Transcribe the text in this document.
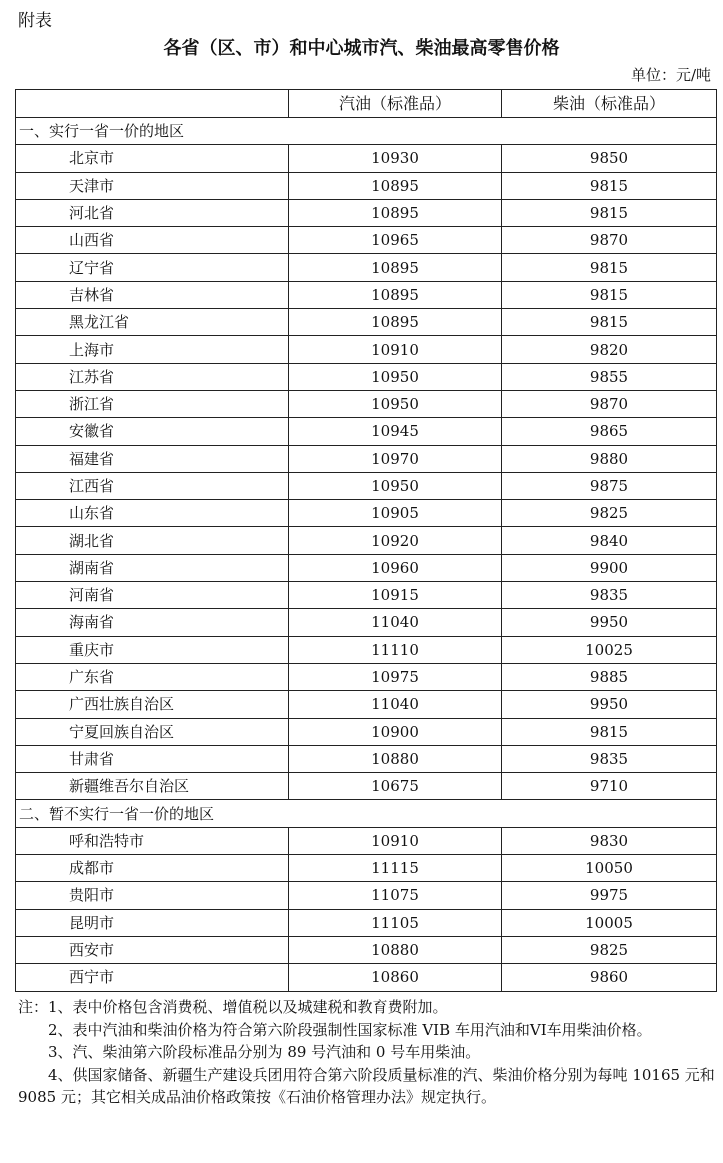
附表
各省（区、市）和中心城市汽、柴油最高零售价格
单位：元/吨
	汽油（标准品）	柴油（标准品）
一、实行一省一价的地区		
北京市	10930	9850
天津市	10895	9815
河北省	10895	9815
山西省	10965	9870
辽宁省	10895	9815
吉林省	10895	9815
黑龙江省	10895	9815
上海市	10910	9820
江苏省	10950	9855
浙江省	10950	9870
安徽省	10945	9865
福建省	10970	9880
江西省	10950	9875
山东省	10905	9825
湖北省	10920	9840
湖南省	10960	9900
河南省	10915	9835
海南省	11040	9950
重庆市	11110	10025
广东省	10975	9885
广西壮族自治区	11040	9950
宁夏回族自治区	10900	9815
甘肃省	10880	9835
新疆维吾尔自治区	10675	9710
二、暂不实行一省一价的地区		
呼和浩特市	10910	9830
成都市	11115	10050
贵阳市	11075	9975
昆明市	11105	10005
西安市	10880	9825
西宁市	10860	9860

注：1、表中价格包含消费税、增值税以及城建税和教育费附加。

2、表中汽油和柴油价格为符合第六阶段强制性国家标准 VIB 车用汽油和VI车用柴油价格。

3、汽、柴油第六阶段标准品分别为 89 号汽油和 0 号车用柴油。

4、供国家储备、新疆生产建设兵团用符合第六阶段质量标准的汽、柴油价格分别为每吨 10165 元和 9085 元；其它相关成品油价格政策按《石油价格管理办法》规定执行。
